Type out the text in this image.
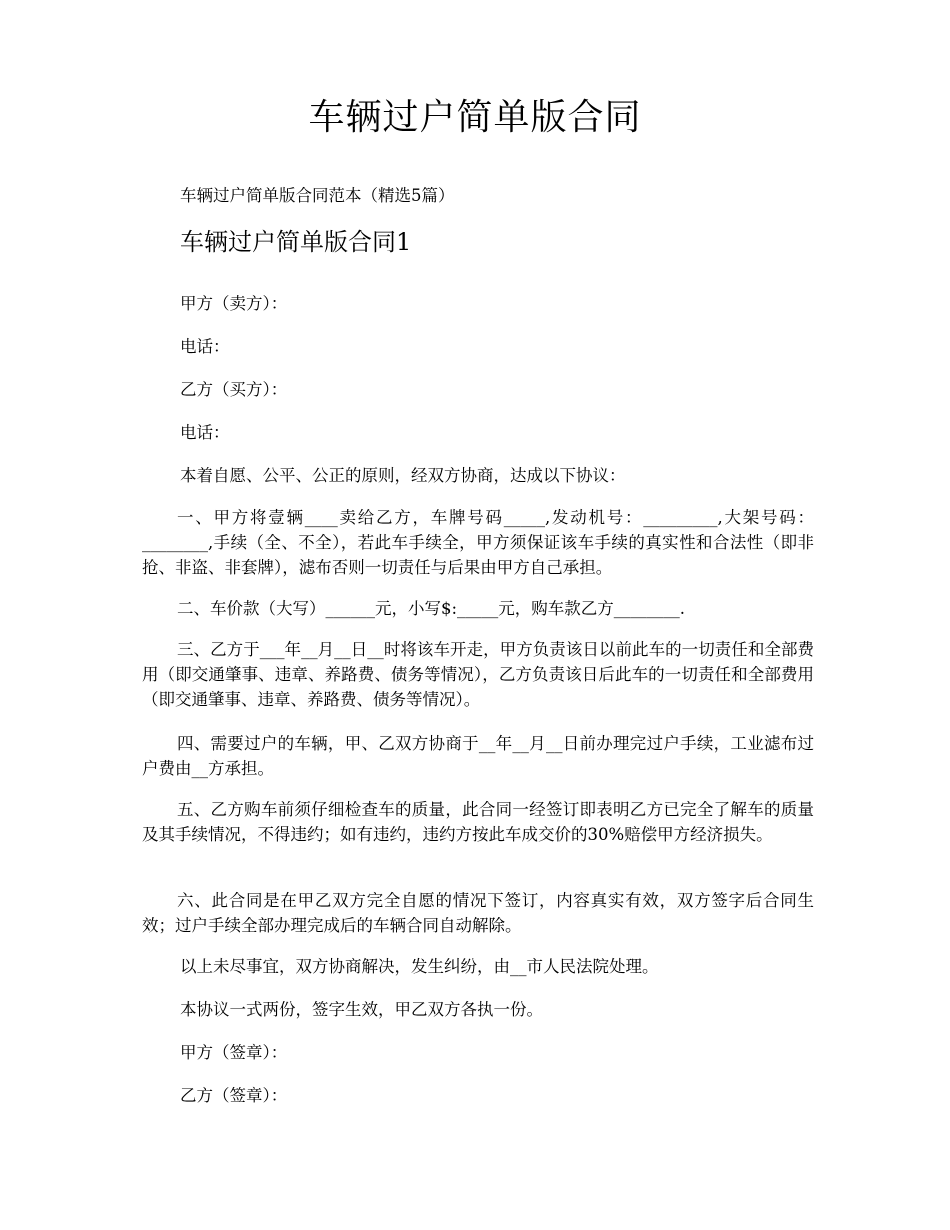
车辆过户简单版合同
车辆过户简单版合同范本（精选5篇）
车辆过户简单版合同1
甲方（卖方）：
电话：
乙方（买方）：
电话：
本着自愿、公平、公正的原则，经双方协商，达成以下协议：
一、甲方将壹辆____卖给乙方，车牌号码_____,发动机号：_________,大架号码：________,手续（全、不全），若此车手续全，甲方须保证该车手续的真实性和合法性（即非抢、非盗、非套牌），滤布否则一切责任与后果由甲方自己承担。
二、车价款（大写）______元，小写$:_____元，购车款乙方________.
三、乙方于___年__月__日__时将该车开走，甲方负责该日以前此车的一切责任和全部费用（即交通肇事、违章、养路费、债务等情况），乙方负责该日后此车的一切责任和全部费用（即交通肇事、违章、养路费、债务等情况）。
四、需要过户的车辆，甲、乙双方协商于__年__月__日前办理完过户手续，工业滤布过户费由__方承担。
五、乙方购车前须仔细检查车的质量，此合同一经签订即表明乙方已完全了解车的质量及其手续情况，不得违约；如有违约，违约方按此车成交价的30%赔偿甲方经济损失。
六、此合同是在甲乙双方完全自愿的情况下签订，内容真实有效，双方签字后合同生效；过户手续全部办理完成后的车辆合同自动解除。
以上未尽事宜，双方协商解决，发生纠纷，由__市人民法院处理。
本协议一式两份，签字生效，甲乙双方各执一份。
甲方（签章）：
乙方（签章）：
